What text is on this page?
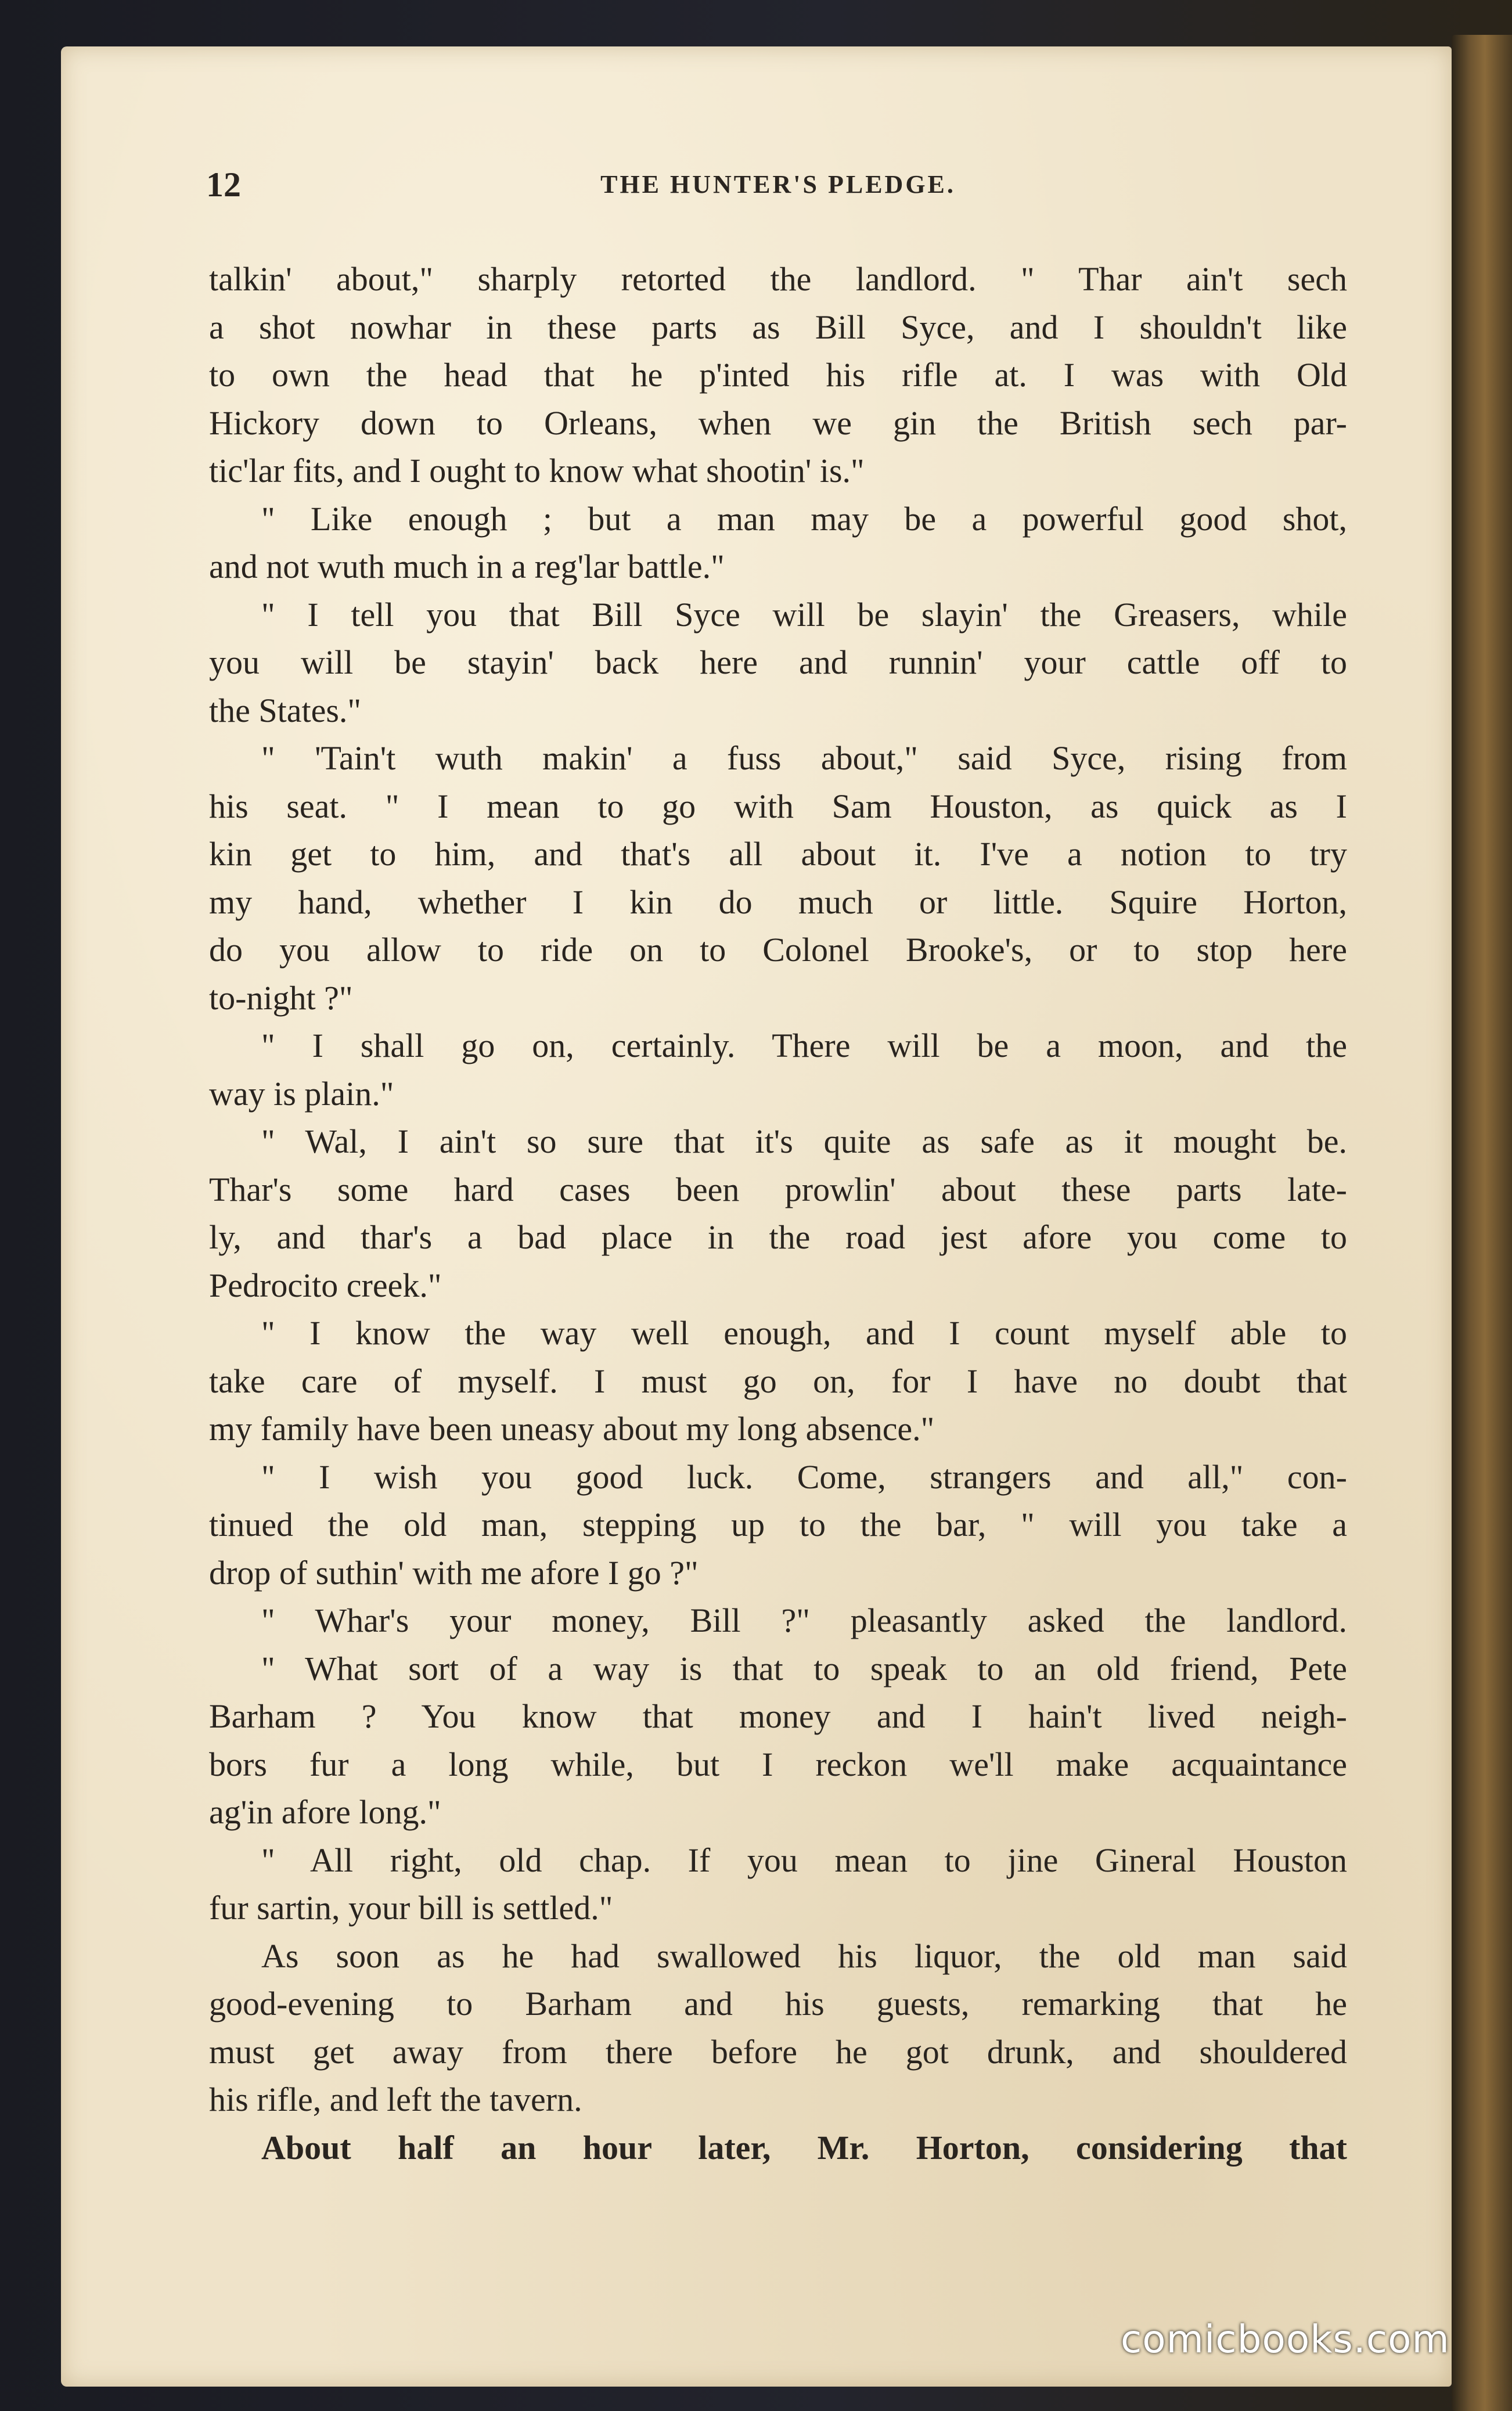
12	THE HUNTER'S PLEDGE.
talkin' about," sharply retorted the landlord. " Thar ain't sech
a shot nowhar in these parts as Bill Syce, and I shouldn't like
to own the head that he p'inted his rifle at. I was with Old
Hickory down to Orleans, when we gin the British sech par-
tic'lar fits, and I ought to know what shootin' is."
" Like enough ; but a man may be a powerful good shot,
and not wuth much in a reg'lar battle."
" I tell you that Bill Syce will be slayin' the Greasers, while
you will be stayin' back here and runnin' your cattle off to
the States."
" 'Tain't wuth makin' a fuss about," said Syce, rising from
his seat. " I mean to go with Sam Houston, as quick as I
kin get to him, and that's all about it. I've a notion to try
my hand, whether I kin do much or little. Squire Horton,
do you allow to ride on to Colonel Brooke's, or to stop here
to-night ?"
" I shall go on, certainly. There will be a moon, and the
way is plain."
" Wal, I ain't so sure that it's quite as safe as it mought be.
Thar's some hard cases been prowlin' about these parts late-
ly, and thar's a bad place in the road jest afore you come to
Pedrocito creek."
" I know the way well enough, and I count myself able to
take care of myself. I must go on, for I have no doubt that
my family have been uneasy about my long absence."
" I wish you good luck. Come, strangers and all," con-
tinued the old man, stepping up to the bar, " will you take a
drop of suthin' with me afore I go ?"
" Whar's your money, Bill ?" pleasantly asked the landlord.
" What sort of a way is that to speak to an old friend, Pete
Barham ? You know that money and I hain't lived neigh-
bors fur a long while, but I reckon we'll make acquaintance
ag'in afore long."
" All right, old chap. If you mean to jine Gineral Houston
fur sartin, your bill is settled."
As soon as he had swallowed his liquor, the old man said
good-evening to Barham and his guests, remarking that he
must get away from there before he got drunk, and shouldered
his rifle, and left the tavern.
About half an hour later, Mr. Horton, considering that
comicbooks.com
